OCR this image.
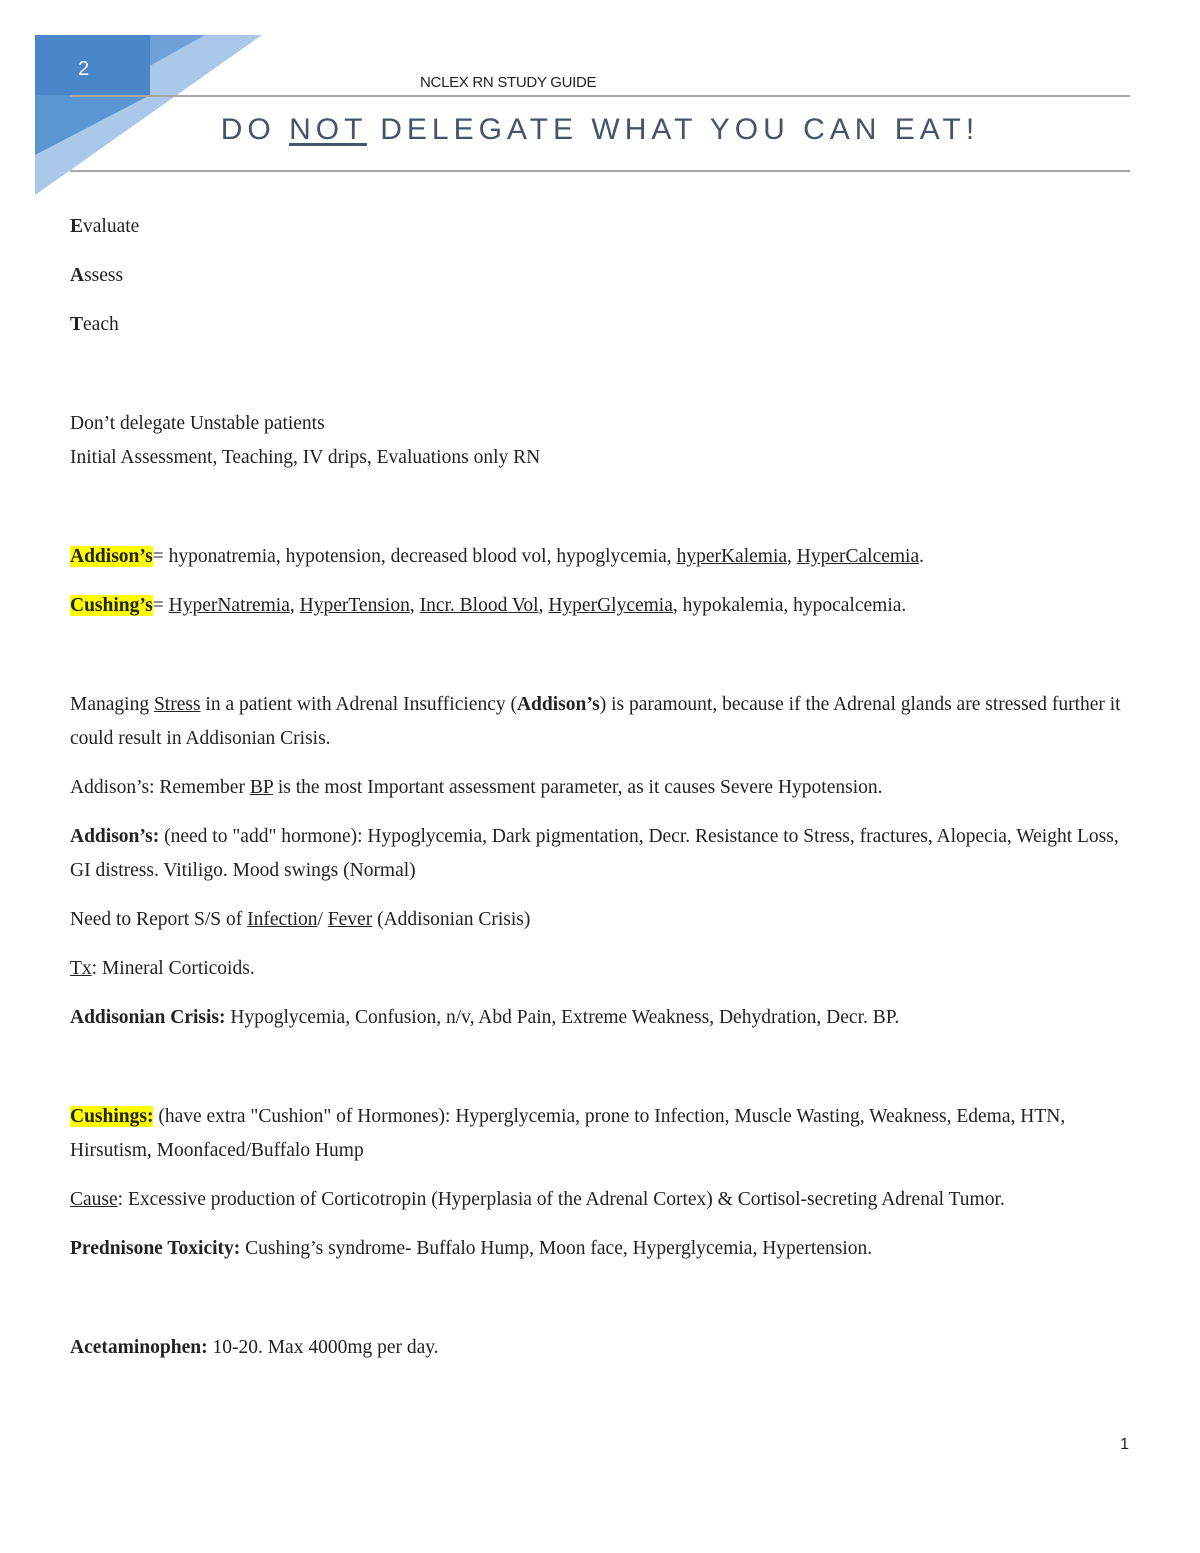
2
NCLEX RN STUDY GUIDE
DO NOT DELEGATE WHAT YOU CAN EAT!

Evaluate

Assess

Teach

Don’t delegate Unstable patients

Initial Assessment, Teaching, IV drips, Evaluations only RN

Addison’s= hyponatremia, hypotension, decreased blood vol, hypoglycemia, hyperKalemia, HyperCalcemia.

Cushing’s= HyperNatremia, HyperTension, Incr. Blood Vol, HyperGlycemia, hypokalemia, hypocalcemia.

Managing Stress in a patient with Adrenal Insufficiency (Addison’s) is paramount, because if the Adrenal glands are stressed further it could result in Addisonian Crisis.

Addison’s: Remember BP is the most Important assessment parameter, as it causes Severe Hypotension.

Addison’s: (need to "add" hormone): Hypoglycemia, Dark pigmentation, Decr. Resistance to Stress, fractures, Alopecia, Weight Loss, GI distress. Vitiligo. Mood swings (Normal)

Need to Report S/S of Infection/ Fever (Addisonian Crisis)

Tx: Mineral Corticoids.

Addisonian Crisis: Hypoglycemia, Confusion, n/v, Abd Pain, Extreme Weakness, Dehydration, Decr. BP.

Cushings: (have extra "Cushion" of Hormones): Hyperglycemia, prone to Infection, Muscle Wasting, Weakness, Edema, HTN, Hirsutism, Moonfaced/Buffalo Hump

Cause: Excessive production of Corticotropin (Hyperplasia of the Adrenal Cortex) & Cortisol-secreting Adrenal Tumor.

Prednisone Toxicity: Cushing’s syndrome- Buffalo Hump, Moon face, Hyperglycemia, Hypertension.

Acetaminophen: 10-20. Max 4000mg per day.

1
